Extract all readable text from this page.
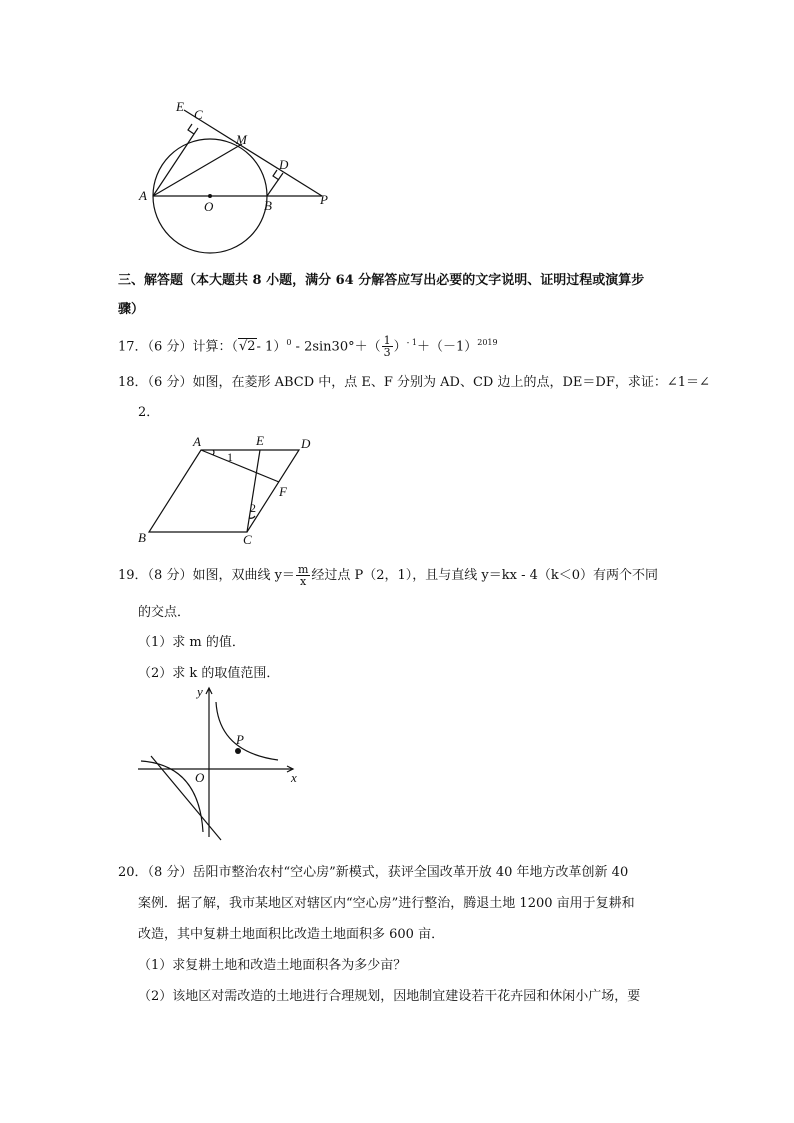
E
C
M
D
A
O	B	P
三、解答题（本大题共 8 小题，满分 64 分解答应写出必要的文字说明、证明过程或演算步
骤）
17．（6 分）计算：（√2- $1)^0 - 2\sin 30^\circ+( \frac{1}{3} )^{- 1}+(-1)^{2019}$
18．（6 分）如图，在菱形 ABCD 中，点 E、F 分别为 AD、CD 边上的点，DE＝DF，求证：∠1＝∠
2．
A	E	D
F
B	C
1
2
19．（8 分）如图，双曲线 $y= \frac{m}{x}$ 经过点 P（2，1），且与直线 y＝kx - 4（k＜0）有两个不同
的交点．
（1）求 m 的值．
（2）求 k 的取值范围．
y
x
O
P
20．（8 分）岳阳市整治农村“空心房”新模式，获评全国改革开放 40 年地方改革创新 40
案例．据了解，我市某地区对辖区内“空心房”进行整治，腾退土地 1200 亩用于复耕和
改造，其中复耕土地面积比改造土地面积多 600 亩．
（1）求复耕土地和改造土地面积各为多少亩？
（2）该地区对需改造的土地进行合理规划，因地制宜建设若干花卉园和休闲小广场，要
